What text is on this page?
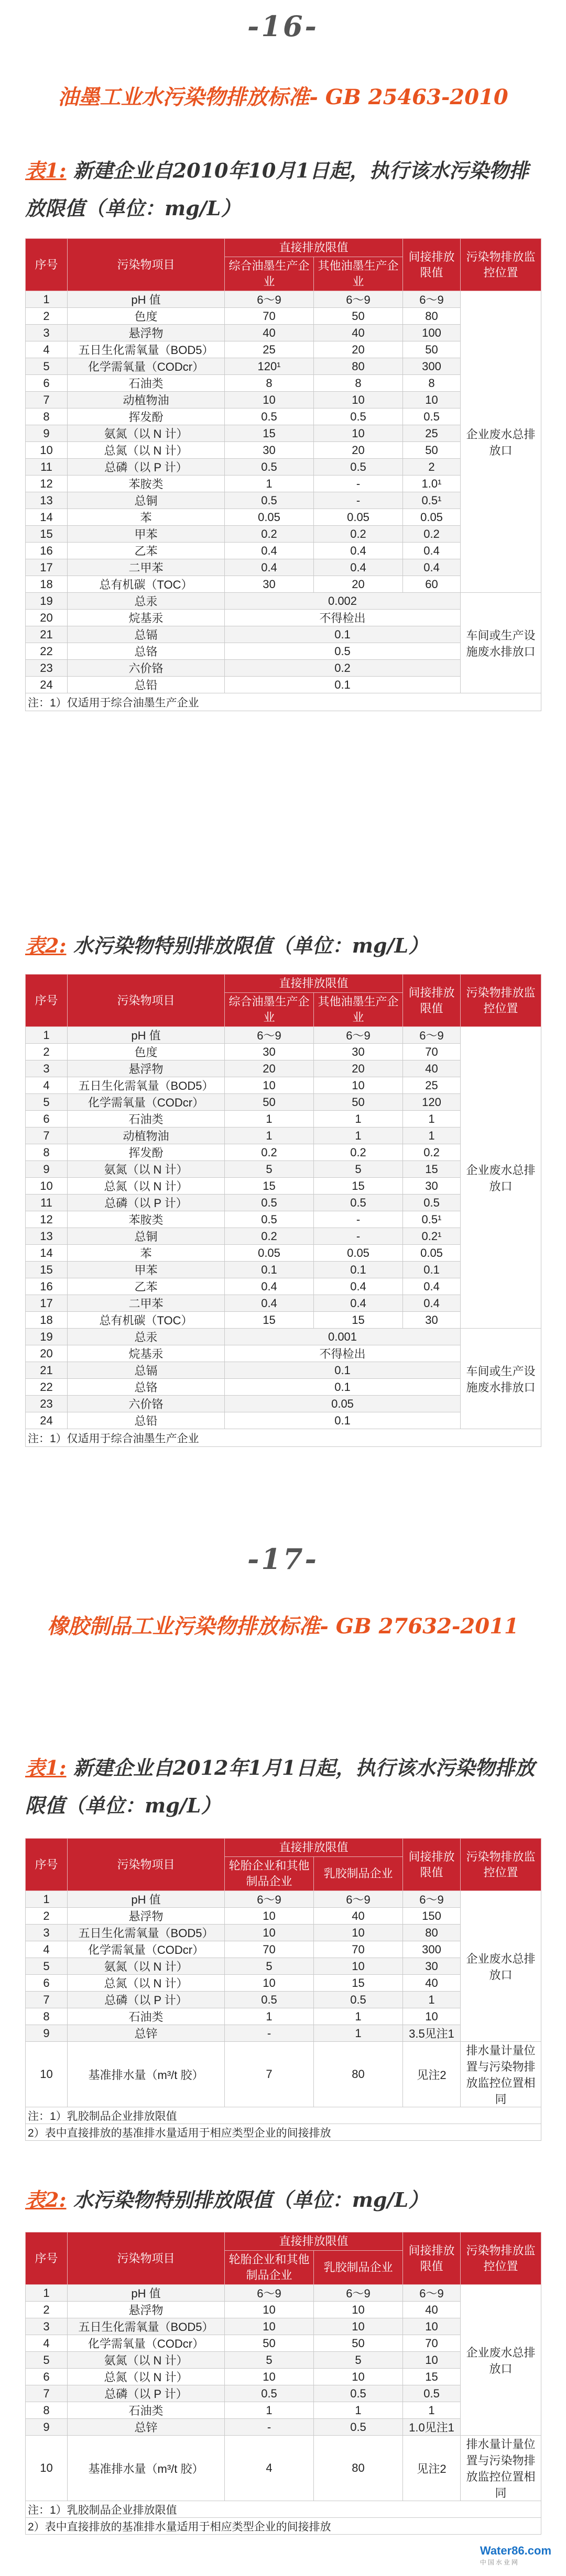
-16-
油墨工业水污染物排放标准- GB 25463-2010
表1: 新建企业自2010年10月1日起，执行该水污染物排放限值（单位：mg/L）
序号	污染物项目	直接排放限值		间接排放限值	污染物排放监控位置
		综合油墨生产企业	其他油墨生产企业		
1	pH 值	6～9	6～9	6～9	企业废水总排放口
2	色度	70	50	80	
3	悬浮物	40	40	100	
4	五日生化需氧量（BOD5）	25	20	50	
5	化学需氧量（CODcr）	120¹	80	300	
6	石油类	8	8	8	
7	动植物油	10	10	10	
8	挥发酚	0.5	0.5	0.5	
9	氨氮（以 N 计）	15	10	25	
10	总氮（以 N 计）	30	20	50	
11	总磷（以 P 计）	0.5	0.5	2	
12	苯胺类	1	-	1.0¹	
13	总铜	0.5	-	0.5¹	
14	苯	0.05	0.05	0.05	
15	甲苯	0.2	0.2	0.2	
16	乙苯	0.4	0.4	0.4	
17	二甲苯	0.4	0.4	0.4	
18	总有机碳（TOC）	30	20	60	
19	总汞	0.002			车间或生产设施废水排放口
20	烷基汞	不得检出			
21	总镉	0.1			
22	总铬	0.5			
23	六价铬	0.2			
24	总铅	0.1			
注：1）仅适用于综合油墨生产企业					
表2: 水污染物特别排放限值（单位：mg/L）
序号	污染物项目	直接排放限值		间接排放限值	污染物排放监控位置
		综合油墨生产企业	其他油墨生产企业		
1	pH 值	6～9	6～9	6～9	企业废水总排放口
2	色度	30	30	70	
3	悬浮物	20	20	40	
4	五日生化需氧量（BOD5）	10	10	25	
5	化学需氧量（CODcr）	50	50	120	
6	石油类	1	1	1	
7	动植物油	1	1	1	
8	挥发酚	0.2	0.2	0.2	
9	氨氮（以 N 计）	5	5	15	
10	总氮（以 N 计）	15	15	30	
11	总磷（以 P 计）	0.5	0.5	0.5	
12	苯胺类	0.5	-	0.5¹	
13	总铜	0.2	-	0.2¹	
14	苯	0.05	0.05	0.05	
15	甲苯	0.1	0.1	0.1	
16	乙苯	0.4	0.4	0.4	
17	二甲苯	0.4	0.4	0.4	
18	总有机碳（TOC）	15	15	30	
19	总汞	0.001			车间或生产设施废水排放口
20	烷基汞	不得检出			
21	总镉	0.1			
22	总铬	0.1			
23	六价铬	0.05			
24	总铅	0.1			
注：1）仅适用于综合油墨生产企业					
-17-
橡胶制品工业污染物排放标准- GB 27632-2011
表1: 新建企业自2012年1月1日起，执行该水污染物排放限值（单位：mg/L）
序号	污染物项目	直接排放限值		间接排放限值	污染物排放监控位置
		轮胎企业和其他制品企业	乳胶制品企业		
1	pH 值	6～9	6～9	6～9	企业废水总排放口
2	悬浮物	10	40	150	
3	五日生化需氧量（BOD5）	10	10	80	
4	化学需氧量（CODcr）	70	70	300	
5	氨氮（以 N 计）	5	10	30	
6	总氮（以 N 计）	10	15	40	
7	总磷（以 P 计）	0.5	0.5	1	
8	石油类	1	1	10	
9	总锌	-	1	3.5见注1	
10	基准排水量（m³/t 胶）	7	80	见注2	排水量计量位置与污染物排放监控位置相同
注：1）乳胶制品企业排放限值					
2）表中直接排放的基准排水量适用于相应类型企业的间接排放					
表2: 水污染物特别排放限值（单位：mg/L）
序号	污染物项目	直接排放限值		间接排放限值	污染物排放监控位置
		轮胎企业和其他制品企业	乳胶制品企业		
1	pH 值	6～9	6～9	6～9	企业废水总排放口
2	悬浮物	10	10	40	
3	五日生化需氧量（BOD5）	10	10	10	
4	化学需氧量（CODcr）	50	50	70	
5	氨氮（以 N 计）	5	5	10	
6	总氮（以 N 计）	10	10	15	
7	总磷（以 P 计）	0.5	0.5	0.5	
8	石油类	1	1	1	
9	总锌	-	0.5	1.0见注1	
10	基准排水量（m³/t 胶）	4	80	见注2	排水量计量位置与污染物排放监控位置相同
注：1）乳胶制品企业排放限值					
2）表中直接排放的基准排水量适用于相应类型企业的间接排放					
Water86.com
中国水业网
